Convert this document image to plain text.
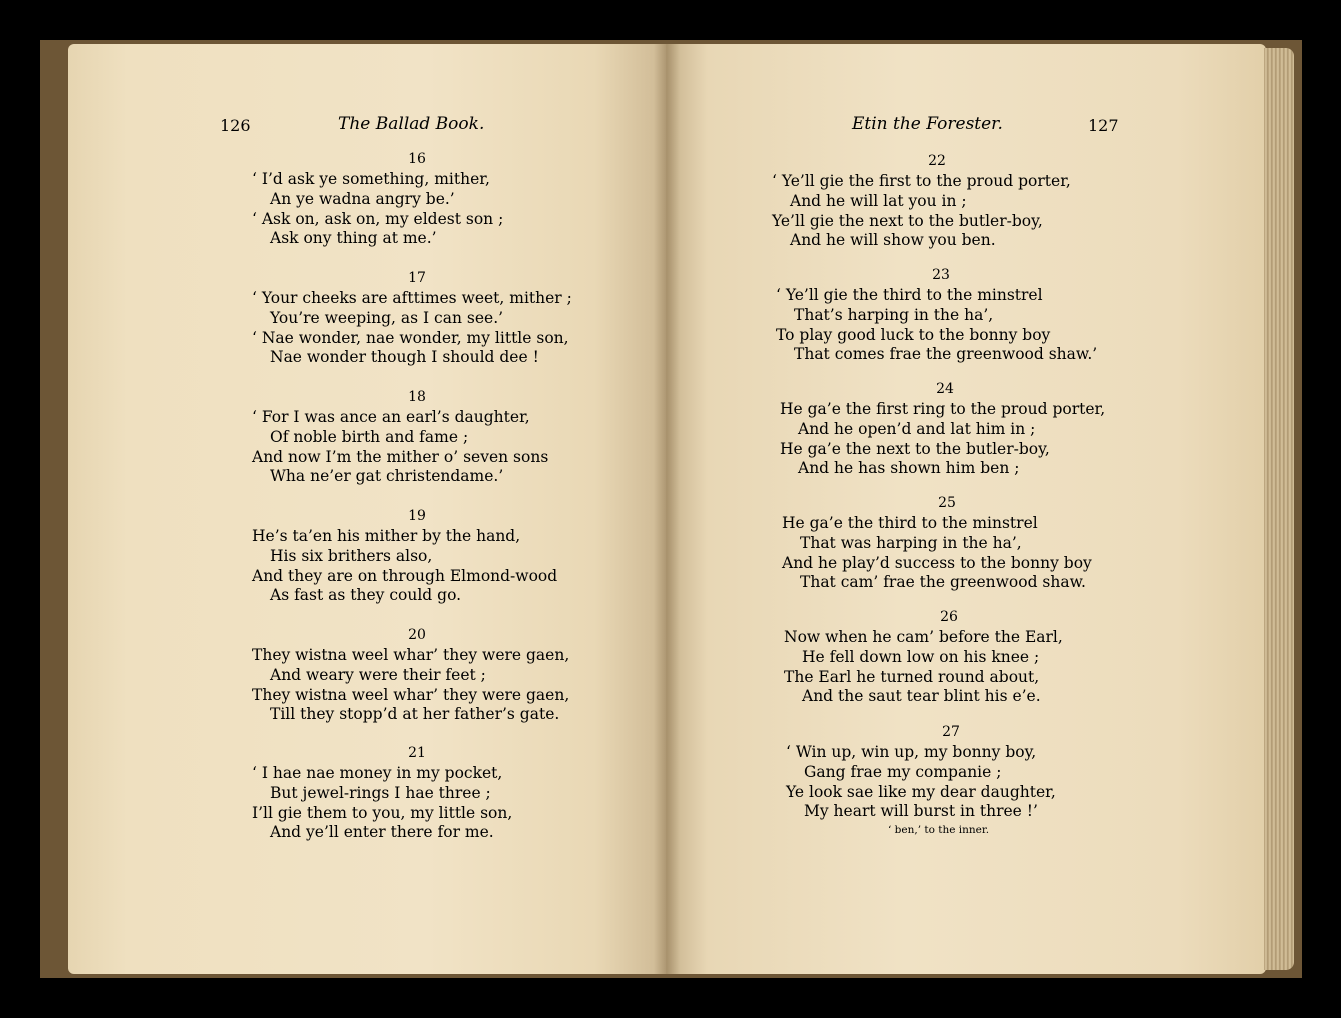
126	The Ballad Book.	Etin the Forester.	127
16
‘ I’d ask ye something, mither,
An ye wadna angry be.’
‘ Ask on, ask on, my eldest son ;
Ask ony thing at me.’
17
‘ Your cheeks are afttimes weet, mither ;
You’re weeping, as I can see.’
‘ Nae wonder, nae wonder, my little son,
Nae wonder though I should dee !
18
‘ For I was ance an earl’s daughter,
Of noble birth and fame ;
And now I’m the mither o’ seven sons
Wha ne’er gat christendame.’
19
He’s ta’en his mither by the hand,
His six brithers also,
And they are on through Elmond-wood
As fast as they could go.
20
They wistna weel whar’ they were gaen,
And weary were their feet ;
They wistna weel whar’ they were gaen,
Till they stopp’d at her father’s gate.
21
‘ I hae nae money in my pocket,
But jewel-rings I hae three ;
I’ll gie them to you, my little son,
And ye’ll enter there for me.
22
‘ Ye’ll gie the first to the proud porter,
And he will lat you in ;
Ye’ll gie the next to the butler-boy,
And he will show you ben.
23
‘ Ye’ll gie the third to the minstrel
That’s harping in the ha’,
To play good luck to the bonny boy
That comes frae the greenwood shaw.’
24
He ga’e the first ring to the proud porter,
And he open’d and lat him in ;
He ga’e the next to the butler-boy,
And he has shown him ben ;
25
He ga’e the third to the minstrel
That was harping in the ha’,
And he play’d success to the bonny boy
That cam’ frae the greenwood shaw.
26
Now when he cam’ before the Earl,
He fell down low on his knee ;
The Earl he turned round about,
And the saut tear blint his e’e.
27
‘ Win up, win up, my bonny boy,
Gang frae my companie ;
Ye look sae like my dear daughter,
My heart will burst in three !’
‘ ben,’ to the inner.
